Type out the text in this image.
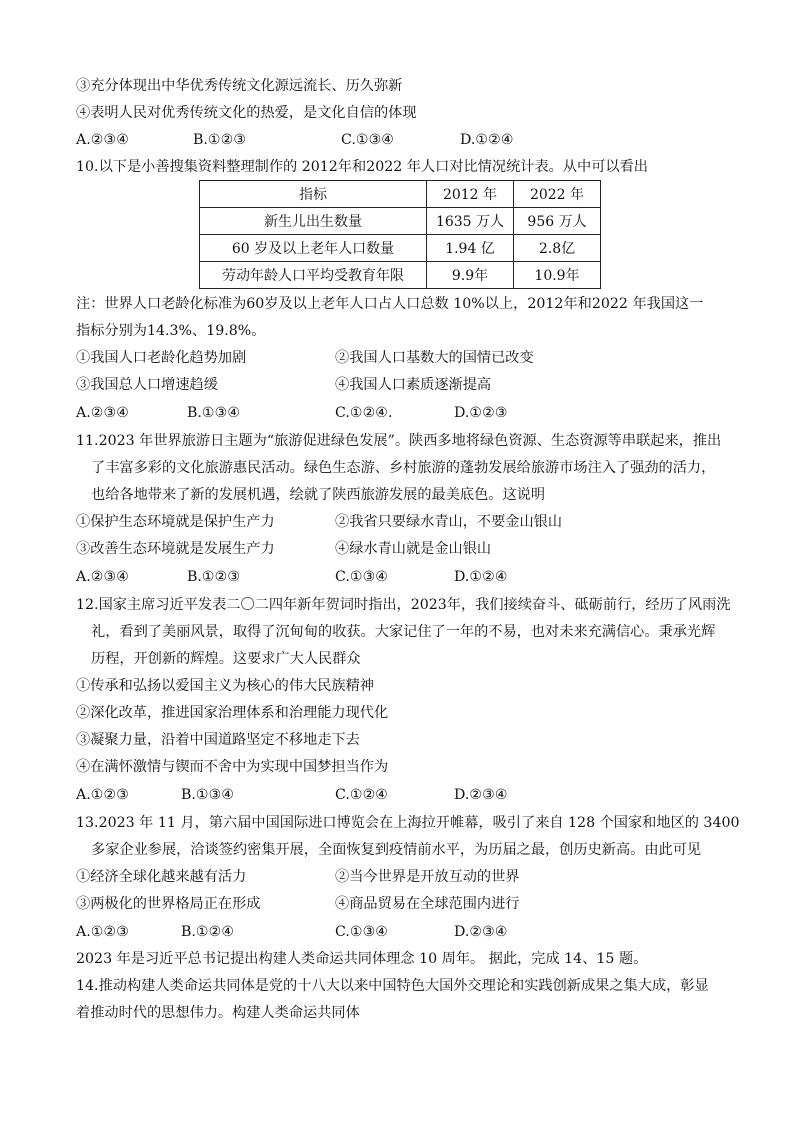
③充分体现出中华优秀传统文化源远流长、历久弥新
④表明人民对优秀传统文化的热爱，是文化自信的体现
A.②③④	B.①②③	C.①③④	D.①②④
10.以下是小善搜集资料整理制作的 2012年和2022 年人口对比情况统计表。从中可以看出
指标	2012 年	2022 年
新生儿出生数量	1635 万人	956 万人
60 岁及以上老年人口数量	1.94 亿	2.8亿
劳动年龄人口平均受教育年限	9.9年	10.9年
注：世界人口老龄化标准为60岁及以上老年人口占人口总数 10%以上，2012年和2022 年我国这一
指标分别为14.3%、19.8%。
①我国人口老龄化趋势加剧	②我国人口基数大的国情已改变
③我国总人口增速趋缓	④我国人口素质逐渐提高
A.②③④	B.①③④	C.①②④.	D.①②③
11.2023 年世界旅游日主题为“旅游促进绿色发展”。陕西多地将绿色资源、生态资源等串联起来，推出
了丰富多彩的文化旅游惠民活动。绿色生态游、乡村旅游的蓬勃发展给旅游市场注入了强劲的活力，
也给各地带来了新的发展机遇，绘就了陕西旅游发展的最美底色。这说明
①保护生态环境就是保护生产力	②我省只要绿水青山，不要金山银山
③改善生态环境就是发展生产力	④绿水青山就是金山银山
A.②③④	B.①②③	C.①③④	D.①②④
12.国家主席习近平发表二〇二四年新年贺词时指出，2023年，我们接续奋斗、砥砺前行，经历了风雨洗
礼，看到了美丽风景，取得了沉甸甸的收获。大家记住了一年的不易，也对未来充满信心。秉承光辉
历程，开创新的辉煌。这要求广大人民群众
①传承和弘扬以爱国主义为核心的伟大民族精神
②深化改革，推进国家治理体系和治理能力现代化
③凝聚力量，沿着中国道路坚定不移地走下去
④在满怀激情与锲而不舍中为实现中国梦担当作为
A.①②③	B.①③④	C.①②④	D.②③④
13.2023 年 11 月，第六届中国国际进口博览会在上海拉开帷幕，吸引了来自 128 个国家和地区的 3400
多家企业参展，洽谈签约密集开展，全面恢复到疫情前水平，为历届之最，创历史新高。由此可见
①经济全球化越来越有活力	②当今世界是开放互动的世界
③两极化的世界格局正在形成	④商品贸易在全球范围内进行
A.①②③	B.①②④	C.①③④	D.②③④
2023 年是习近平总书记提出构建人类命运共同体理念 10 周年。 据此，完成 14、15 题。
14.推动构建人类命运共同体是党的十八大以来中国特色大国外交理论和实践创新成果之集大成，彰显
着推动时代的思想伟力。构建人类命运共同体
